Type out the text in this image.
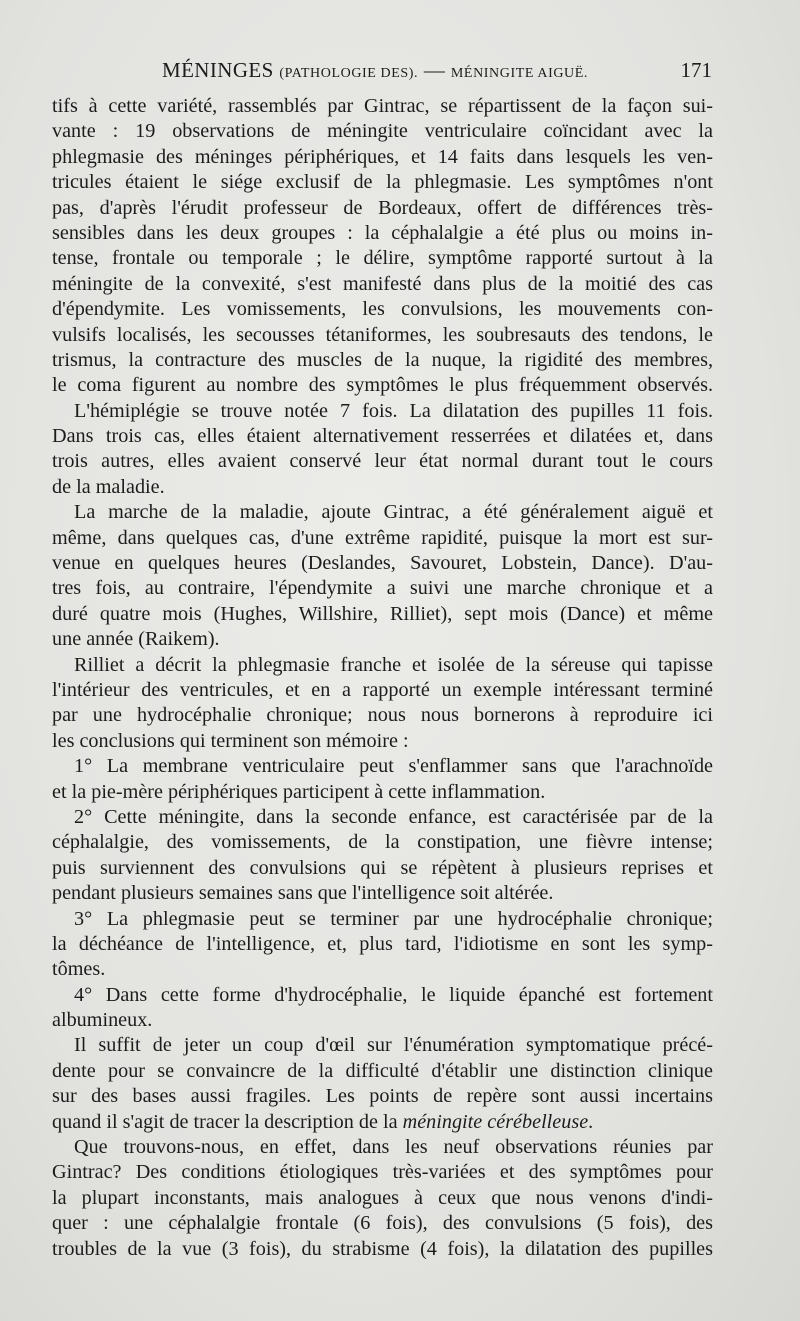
MÉNINGES (PATHOLOGIE DES). — MÉNINGITE AIGUË.	171
tifs à cette variété, rassemblés par Gintrac, se répartissent de la façon sui-
vante : 19 observations de méningite ventriculaire coïncidant avec la
phlegmasie des méninges périphériques, et 14 faits dans lesquels les ven-
tricules étaient le siége exclusif de la phlegmasie. Les symptômes n'ont
pas, d'après l'érudit professeur de Bordeaux, offert de différences très-
sensibles dans les deux groupes : la céphalalgie a été plus ou moins in-
tense, frontale ou temporale ; le délire, symptôme rapporté surtout à la
méningite de la convexité, s'est manifesté dans plus de la moitié des cas
d'épendymite. Les vomissements, les convulsions, les mouvements con-
vulsifs localisés, les secousses tétaniformes, les soubresauts des tendons, le
trismus, la contracture des muscles de la nuque, la rigidité des membres,
le coma figurent au nombre des symptômes le plus fréquemment observés.
L'hémiplégie se trouve notée 7 fois. La dilatation des pupilles 11 fois.
Dans trois cas, elles étaient alternativement resserrées et dilatées et, dans
trois autres, elles avaient conservé leur état normal durant tout le cours
de la maladie.
La marche de la maladie, ajoute Gintrac, a été généralement aiguë et
même, dans quelques cas, d'une extrême rapidité, puisque la mort est sur-
venue en quelques heures (Deslandes, Savouret, Lobstein, Dance). D'au-
tres fois, au contraire, l'épendymite a suivi une marche chronique et a
duré quatre mois (Hughes, Willshire, Rilliet), sept mois (Dance) et même
une année (Raikem).
Rilliet a décrit la phlegmasie franche et isolée de la séreuse qui tapisse
l'intérieur des ventricules, et en a rapporté un exemple intéressant terminé
par une hydrocéphalie chronique; nous nous bornerons à reproduire ici
les conclusions qui terminent son mémoire :
1° La membrane ventriculaire peut s'enflammer sans que l'arachnoïde
et la pie-mère périphériques participent à cette inflammation.
2° Cette méningite, dans la seconde enfance, est caractérisée par de la
céphalalgie, des vomissements, de la constipation, une fièvre intense;
puis surviennent des convulsions qui se répètent à plusieurs reprises et
pendant plusieurs semaines sans que l'intelligence soit altérée.
3° La phlegmasie peut se terminer par une hydrocéphalie chronique;
la déchéance de l'intelligence, et, plus tard, l'idiotisme en sont les symp-
tômes.
4° Dans cette forme d'hydrocéphalie, le liquide épanché est fortement
albumineux.
Il suffit de jeter un coup d'œil sur l'énumération symptomatique précé-
dente pour se convaincre de la difficulté d'établir une distinction clinique
sur des bases aussi fragiles. Les points de repère sont aussi incertains
quand il s'agit de tracer la description de la méningite cérébelleuse.
Que trouvons-nous, en effet, dans les neuf observations réunies par
Gintrac? Des conditions étiologiques très-variées et des symptômes pour
la plupart inconstants, mais analogues à ceux que nous venons d'indi-
quer : une céphalalgie frontale (6 fois), des convulsions (5 fois), des
troubles de la vue (3 fois), du strabisme (4 fois), la dilatation des pupilles
